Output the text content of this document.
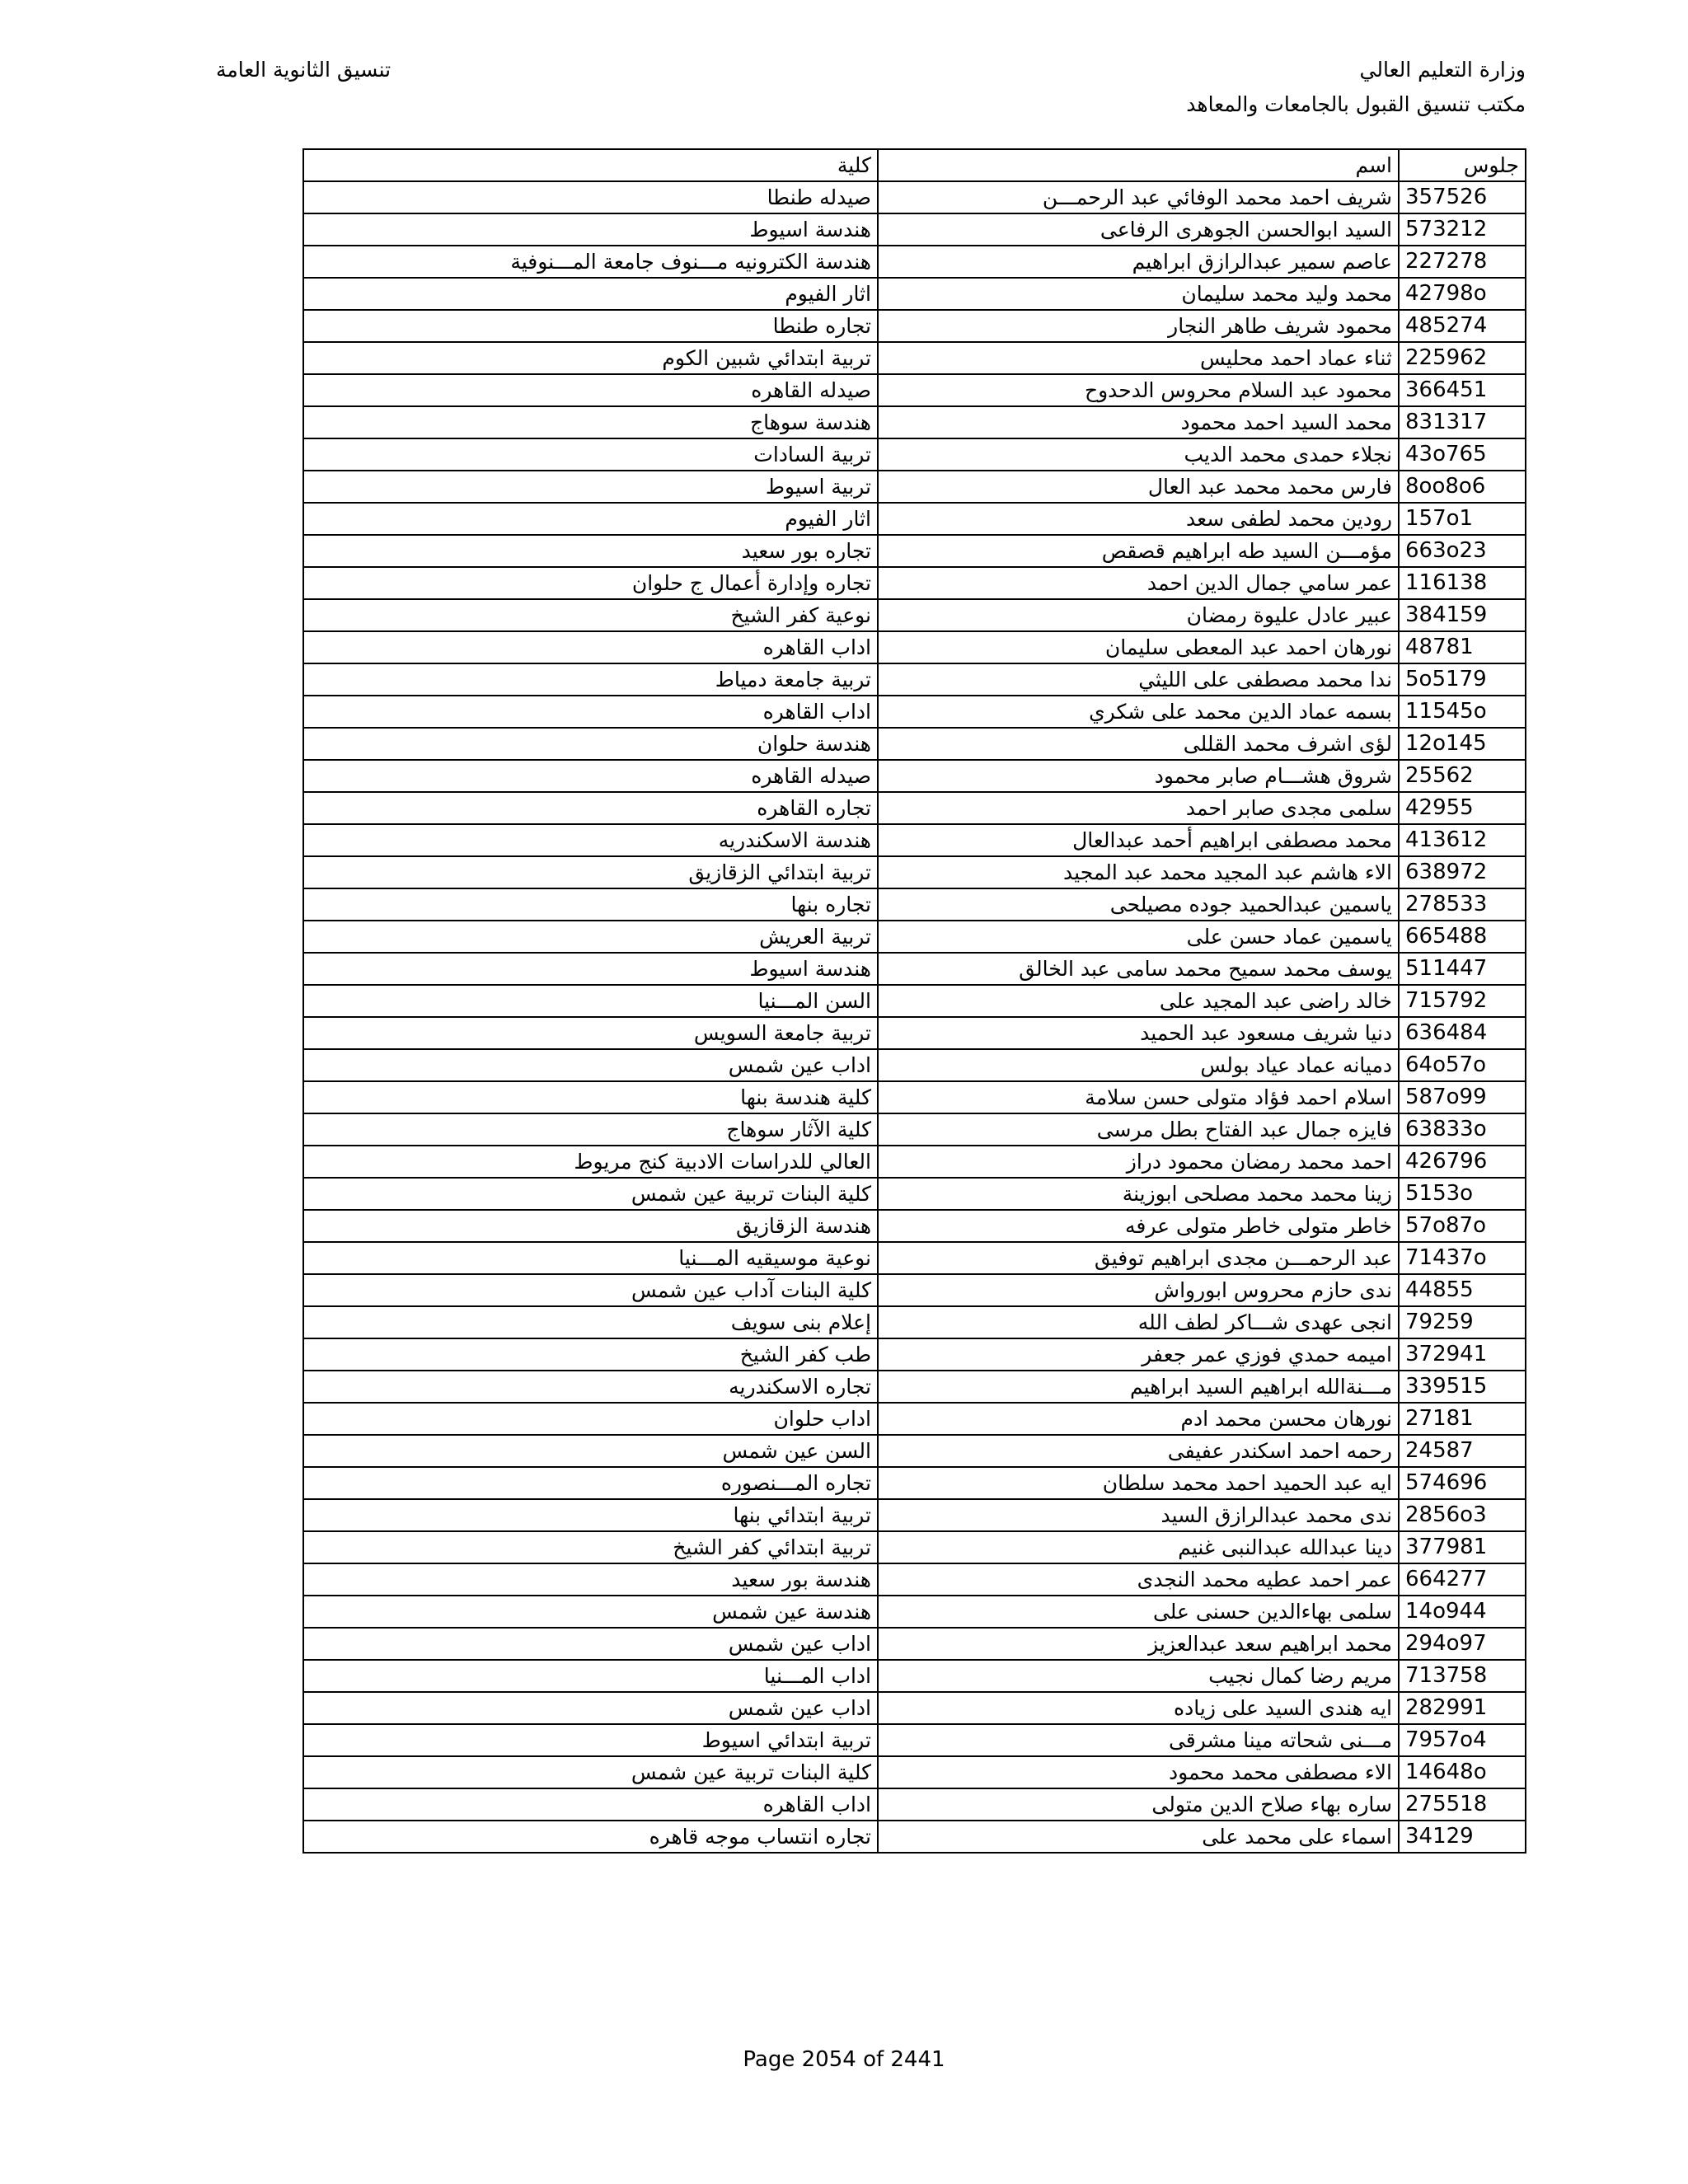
وزارة التعليم العالي
مكتب تنسيق القبول بالجامعات والمعاهد
تنسيق الثانوية العامة
جلوس	اسم	كلية
357526	شريف احمد محمد الوفائي عبد الرحمـــن	صيدله طنطا
573212	السيد ابوالحسن الجوهرى الرفاعى	هندسة اسيوط
227278	عاصم سمير عبدالرازق ابراهيم	هندسة الكترونيه مـــنوف جامعة المـــنوفية
42798o	محمد وليد محمد سليمان	اثار الفيوم
485274	محمود شريف طاهر النجار	تجاره طنطا
225962	ثناء عماد احمد محليس	تربية ابتدائي شبين الكوم
366451	محمود عبد السلام محروس الدحدوح	صيدله القاهره
831317	محمد السيد احمد محمود	هندسة سوهاج
43o765	نجلاء حمدى محمد الديب	تربية السادات
8oo8o6	فارس محمد محمد عبد العال	تربية اسيوط
157o1	رودين محمد لطفى سعد	اثار الفيوم
663o23	مؤمـــن السيد طه ابراهيم قصقص	تجاره بور سعيد
116138	عمر سامي جمال الدين احمد	تجاره وإدارة أعمال ج حلوان
384159	عبير عادل عليوة رمضان	نوعية كفر الشيخ
48781	نورهان احمد عبد المعطى سليمان	اداب القاهره
5o5179	ندا محمد مصطفى على الليثي	تربية جامعة دمياط
11545o	بسمه عماد الدين محمد على شكري	اداب القاهره
12o145	لؤى اشرف محمد القللى	هندسة حلوان
25562	شروق هشـــام صابر محمود	صيدله القاهره
42955	سلمى مجدى صابر احمد	تجاره القاهره
413612	محمد مصطفى ابراهيم أحمد عبدالعال	هندسة الاسكندريه
638972	الاء هاشم عبد المجيد محمد عبد المجيد	تربية ابتدائي الزقازيق
278533	ياسمين عبدالحميد جوده مصيلحى	تجاره بنها
665488	ياسمين عماد حسن على	تربية العريش
511447	يوسف محمد سميح محمد سامى عبد الخالق	هندسة اسيوط
715792	خالد راضى عبد المجيد على	السن المـــنيا
636484	دنيا شريف مسعود عبد الحميد	تربية جامعة السويس
64o57o	دميانه عماد عياد بولس	اداب عين شمس
587o99	اسلام احمد فؤاد متولى حسن سلامة	كلية هندسة بنها
63833o	فايزه جمال عبد الفتاح بطل مرسى	كلية الآثار سوهاج
426796	احمد محمد رمضان محمود دراز	العالي للدراسات الادبية كنج مريوط
5153o	زينا محمد محمد مصلحى ابوزينة	كلية البنات تربية عين شمس
57o87o	خاطر متولى خاطر متولى عرفه	هندسة الزقازيق
71437o	عبد الرحمـــن مجدى ابراهيم توفيق	نوعية موسيقيه المـــنيا
44855	ندى حازم محروس ابورواش	كلية البنات آداب عين شمس
79259	انجى عهدى شـــاكر لطف الله	إعلام بنى سويف
372941	اميمه حمدي فوزي عمر جعفر	طب كفر الشيخ
339515	مـــنةالله ابراهيم السيد ابراهيم	تجاره الاسكندريه
27181	نورهان محسن محمد ادم	اداب حلوان
24587	رحمه احمد اسكندر عفيفى	السن عين شمس
574696	ايه عبد الحميد احمد محمد سلطان	تجاره المـــنصوره
2856o3	ندى محمد عبدالرازق السيد	تربية ابتدائي بنها
377981	دينا عبدالله عبدالنبى غنيم	تربية ابتدائي كفر الشيخ
664277	عمر احمد عطيه محمد النجدى	هندسة بور سعيد
14o944	سلمى بهاءالدين حسنى على	هندسة عين شمس
294o97	محمد ابراهيم سعد عبدالعزيز	اداب عين شمس
713758	مريم رضا كمال نجيب	اداب المـــنيا
282991	ايه هندى السيد على زياده	اداب عين شمس
7957o4	مـــنى شحاته مينا مشرقى	تربية ابتدائي اسيوط
14648o	الاء مصطفى محمد محمود	كلية البنات تربية عين شمس
275518	ساره بهاء صلاح الدين متولى	اداب القاهره
34129	اسماء على محمد على	تجاره انتساب موجه قاهره
Page 2054 of 2441
